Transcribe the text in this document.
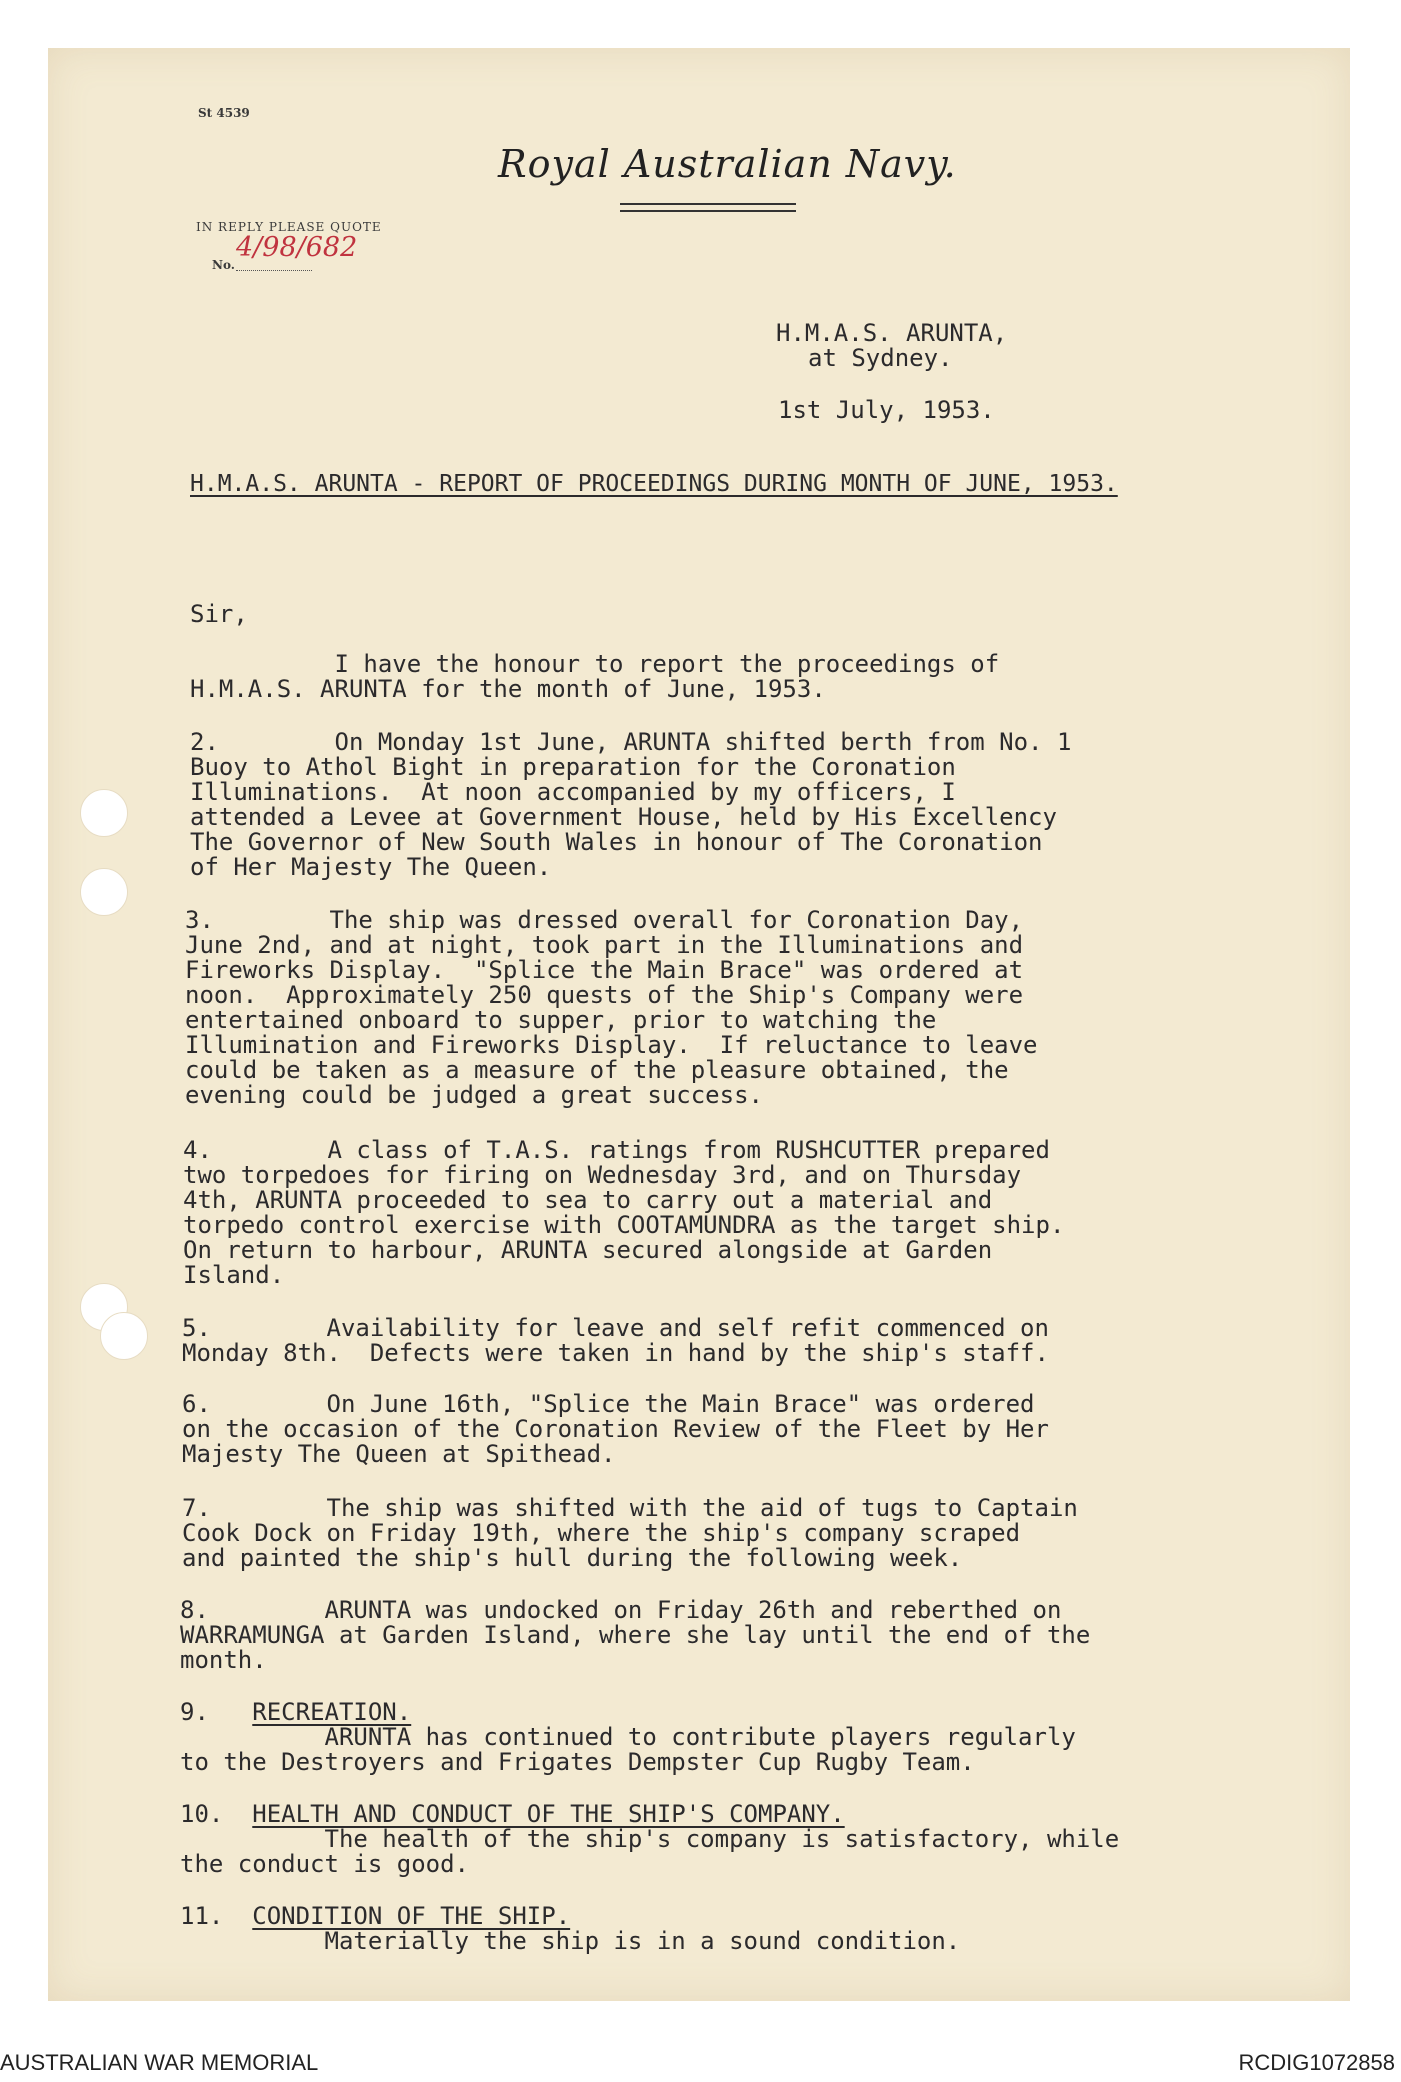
St 4539
Royal Australian Navy.
IN REPLY PLEASE QUOTE
No.
4/98/682
H.M.A.S. ARUNTA,
at Sydney.
1st July, 1953.
H.M.A.S. ARUNTA - REPORT OF PROCEEDINGS DURING MONTH OF JUNE, 1953.
Sir,
I have the honour to report the proceedings of
H.M.A.S. ARUNTA for the month of June, 1953.
2.        On Monday 1st June, ARUNTA shifted berth from No. 1
Buoy to Athol Bight in preparation for the Coronation
Illuminations.  At noon accompanied by my officers, I
attended a Levee at Government House, held by His Excellency
The Governor of New South Wales in honour of The Coronation
of Her Majesty The Queen.
3.        The ship was dressed overall for Coronation Day,
June 2nd, and at night, took part in the Illuminations and
Fireworks Display.  "Splice the Main Brace" was ordered at
noon.  Approximately 250 quests of the Ship's Company were
entertained onboard to supper, prior to watching the
Illumination and Fireworks Display.  If reluctance to leave
could be taken as a measure of the pleasure obtained, the
evening could be judged a great success.
4.        A class of T.A.S. ratings from RUSHCUTTER prepared
two torpedoes for firing on Wednesday 3rd, and on Thursday
4th, ARUNTA proceeded to sea to carry out a material and
torpedo control exercise with COOTAMUNDRA as the target ship.
On return to harbour, ARUNTA secured alongside at Garden
Island.
5.        Availability for leave and self refit commenced on
Monday 8th.  Defects were taken in hand by the ship's staff.
6.        On June 16th, "Splice the Main Brace" was ordered
on the occasion of the Coronation Review of the Fleet by Her
Majesty The Queen at Spithead.
7.        The ship was shifted with the aid of tugs to Captain
Cook Dock on Friday 19th, where the ship's company scraped
and painted the ship's hull during the following week.
8.        ARUNTA was undocked on Friday 26th and reberthed on
WARRAMUNGA at Garden Island, where she lay until the end of the
month.
9. RECREATION.
ARUNTA has continued to contribute players regularly
to the Destroyers and Frigates Dempster Cup Rugby Team.
10. HEALTH AND CONDUCT OF THE SHIP'S COMPANY.
The health of the ship's company is satisfactory, while
the conduct is good.
11. CONDITION OF THE SHIP.
Materially the ship is in a sound condition.
AUSTRALIAN WAR MEMORIAL	RCDIG1072858
